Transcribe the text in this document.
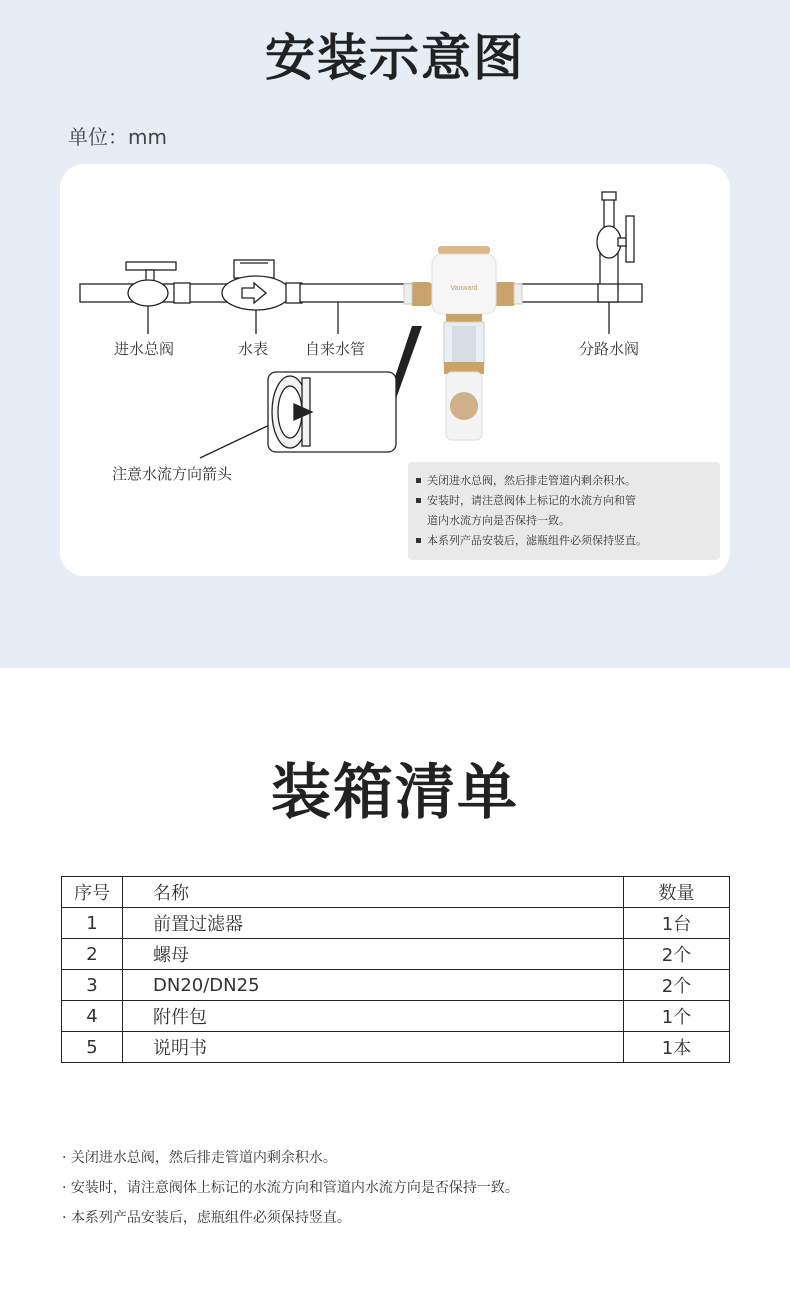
安装示意图
单位：mm
Vanward
进水总阀	水表 自来水管	分路水阀
注意水流方向箭头	关闭进水总阀，然后排走管道内剩余积水。
安装时，请注意阀体上标记的水流方向和管
道内水流方向是否保持一致。
本系列产品安装后，滤瓶组件必须保持竖直。
装箱清单
序号	名称	数量
1	前置过滤器	1台
2	螺母	2个
3	DN20/DN25	2个
4	附件包	1个
5	说明书	1本
· 关闭进水总阀，然后排走管道内剩余积水。
· 安装时，请注意阀体上标记的水流方向和管道内水流方向是否保持一致。
· 本系列产品安装后，虑瓶组件必须保持竖直。
